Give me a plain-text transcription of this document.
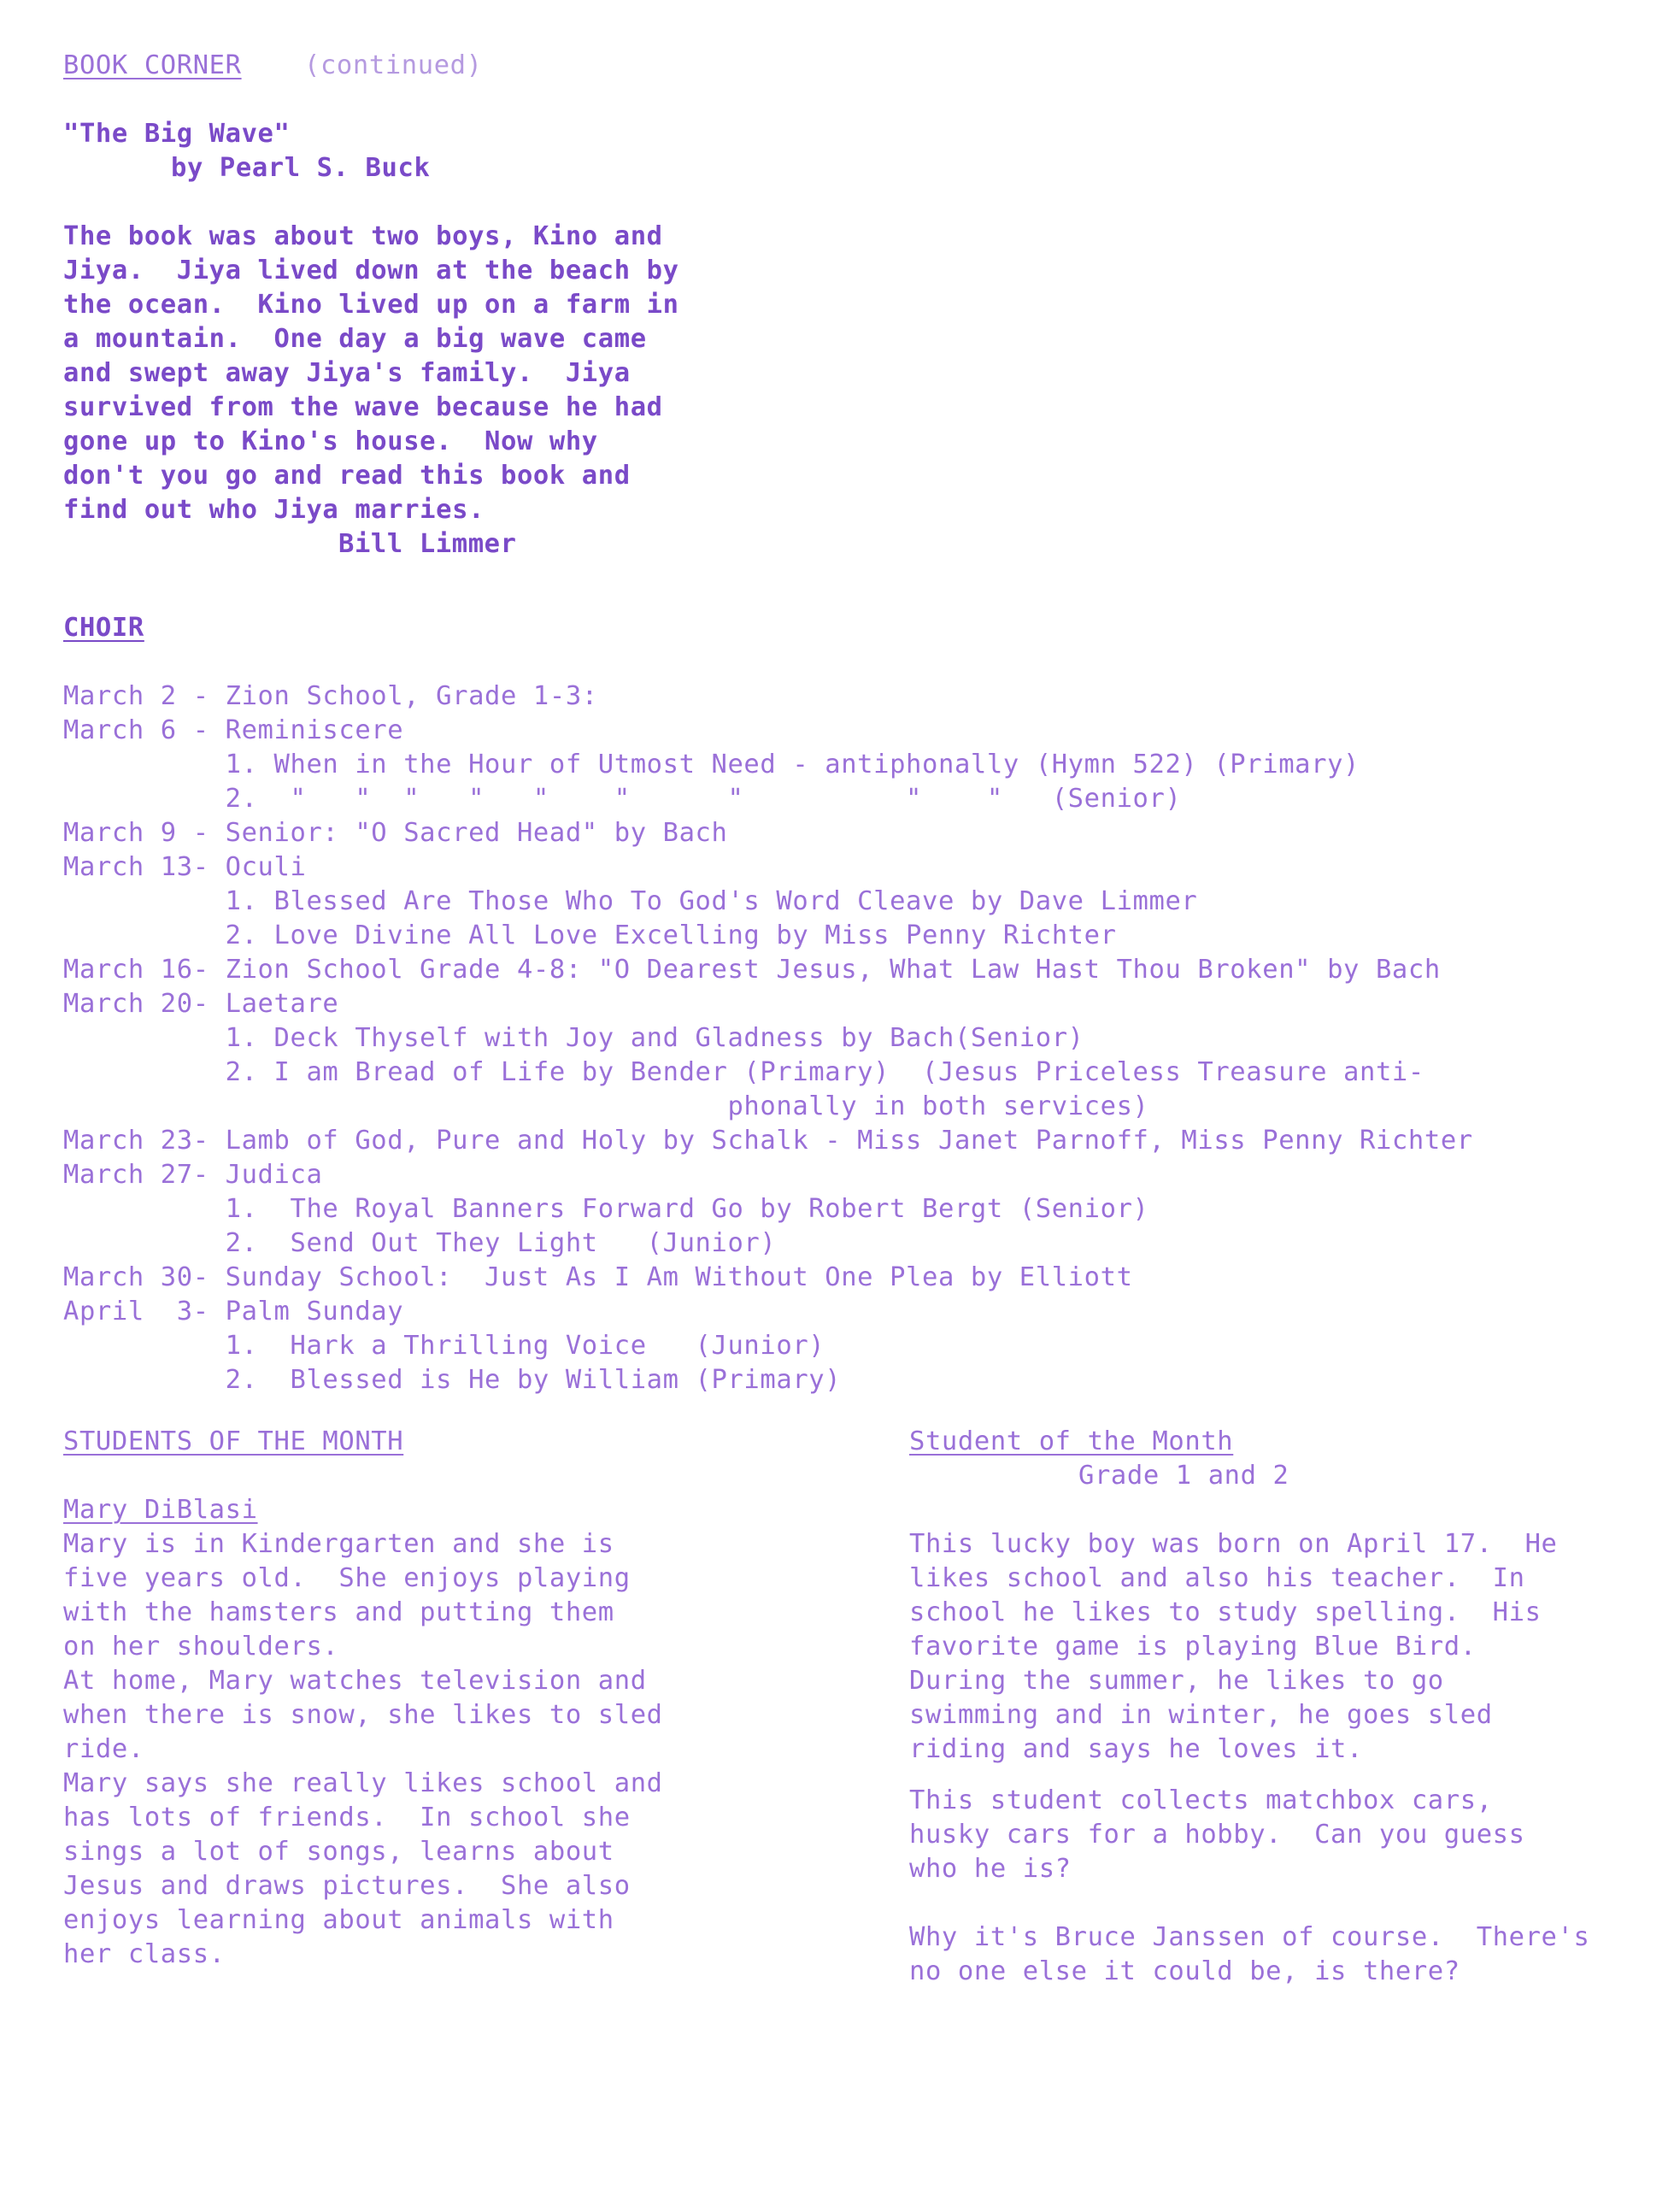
BOOK CORNER (continued)
"The Big Wave"
by Pearl S. Buck
The book was about two boys, Kino and
Jiya.  Jiya lived down at the beach by
the ocean.  Kino lived up on a farm in
a mountain.  One day a big wave came
and swept away Jiya's family.  Jiya
survived from the wave because he had
gone up to Kino's house.  Now why
don't you go and read this book and
find out who Jiya marries.
Bill Limmer
CHOIR
March 2 - Zion School, Grade 1-3:
March 6 - Reminiscere
1. When in the Hour of Utmost Need - antiphonally (Hymn 522) (Primary)
2.  "   "  "   "   "    "      "          "    "   (Senior)
March 9 - Senior: "O Sacred Head" by Bach
March 13- Oculi
1. Blessed Are Those Who To God's Word Cleave by Dave Limmer
2. Love Divine All Love Excelling by Miss Penny Richter
March 16- Zion School Grade 4-8: "O Dearest Jesus, What Law Hast Thou Broken" by Bach
March 20- Laetare
1. Deck Thyself with Joy and Gladness by Bach(Senior)
2. I am Bread of Life by Bender (Primary)  (Jesus Priceless Treasure anti-
phonally in both services)
March 23- Lamb of God, Pure and Holy by Schalk - Miss Janet Parnoff, Miss Penny Richter
March 27- Judica
1.  The Royal Banners Forward Go by Robert Bergt (Senior)
2.  Send Out They Light   (Junior)
March 30- Sunday School:  Just As I Am Without One Plea by Elliott
April  3- Palm Sunday
1.  Hark a Thrilling Voice   (Junior)
2.  Blessed is He by William (Primary)
STUDENTS OF THE MONTH
Mary DiBlasi
Mary is in Kindergarten and she is
five years old.  She enjoys playing
with the hamsters and putting them
on her shoulders.
At home, Mary watches television and
when there is snow, she likes to sled
ride.
Mary says she really likes school and
has lots of friends.  In school she
sings a lot of songs, learns about
Jesus and draws pictures.  She also
enjoys learning about animals with
her class.
Student of the Month
Grade 1 and 2
This lucky boy was born on April 17.  He
likes school and also his teacher.  In
school he likes to study spelling.  His
favorite game is playing Blue Bird.
During the summer, he likes to go
swimming and in winter, he goes sled
riding and says he loves it.
This student collects matchbox cars,
husky cars for a hobby.  Can you guess
who he is?
Why it's Bruce Janssen of course.  There's
no one else it could be, is there?
